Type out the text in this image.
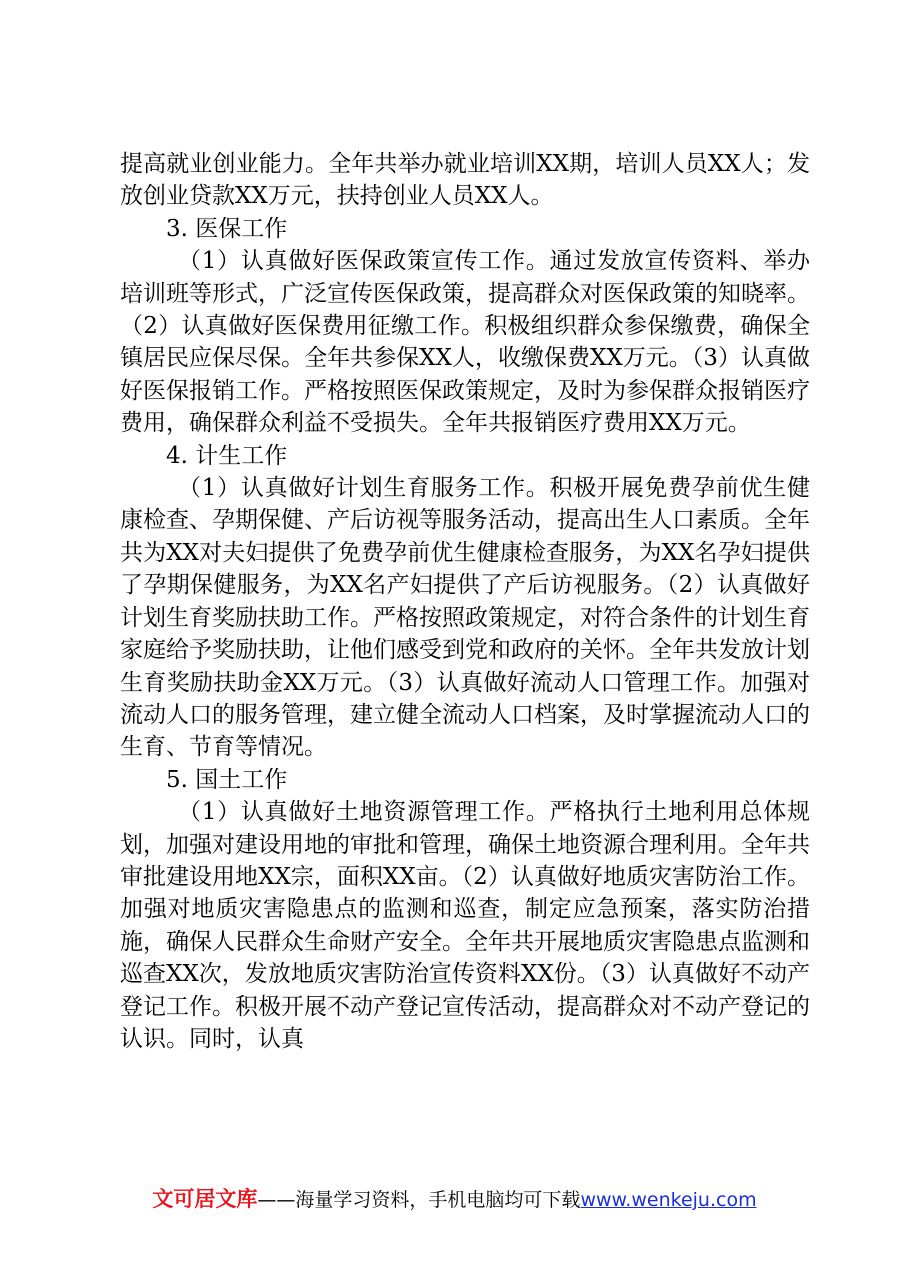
提高就业创业能力。全年共举办就业培训XX期，培训人员XX人；发放创业贷款XX万元，扶持创业人员XX人。

3. 医保工作

（1）认真做好医保政策宣传工作。通过发放宣传资料、举办培训班等形式，广泛宣传医保政策，提高群众对医保政策的知晓率。（2）认真做好医保费用征缴工作。积极组织群众参保缴费，确保全镇居民应保尽保。全年共参保XX人，收缴保费XX万元。（3）认真做好医保报销工作。严格按照医保政策规定，及时为参保群众报销医疗费用，确保群众利益不受损失。全年共报销医疗费用XX万元。

4. 计生工作

（1）认真做好计划生育服务工作。积极开展免费孕前优生健康检查、孕期保健、产后访视等服务活动，提高出生人口素质。全年共为XX对夫妇提供了免费孕前优生健康检查服务，为XX名孕妇提供了孕期保健服务，为XX名产妇提供了产后访视服务。（2）认真做好计划生育奖励扶助工作。严格按照政策规定，对符合条件的计划生育家庭给予奖励扶助，让他们感受到党和政府的关怀。全年共发放计划生育奖励扶助金XX万元。（3）认真做好流动人口管理工作。加强对流动人口的服务管理，建立健全流动人口档案，及时掌握流动人口的生育、节育等情况。

5. 国土工作

（1）认真做好土地资源管理工作。严格执行土地利用总体规划，加强对建设用地的审批和管理，确保土地资源合理利用。全年共审批建设用地XX宗，面积XX亩。（2）认真做好地质灾害防治工作。加强对地质灾害隐患点的监测和巡查，制定应急预案，落实防治措施，确保人民群众生命财产安全。全年共开展地质灾害隐患点监测和巡查XX次，发放地质灾害防治宣传资料XX份。（3）认真做好不动产登记工作。积极开展不动产登记宣传活动，提高群众对不动产登记的认识。同时，认真

文可居文库——海量学习资料，手机电脑均可下载www.wenkeju.com
